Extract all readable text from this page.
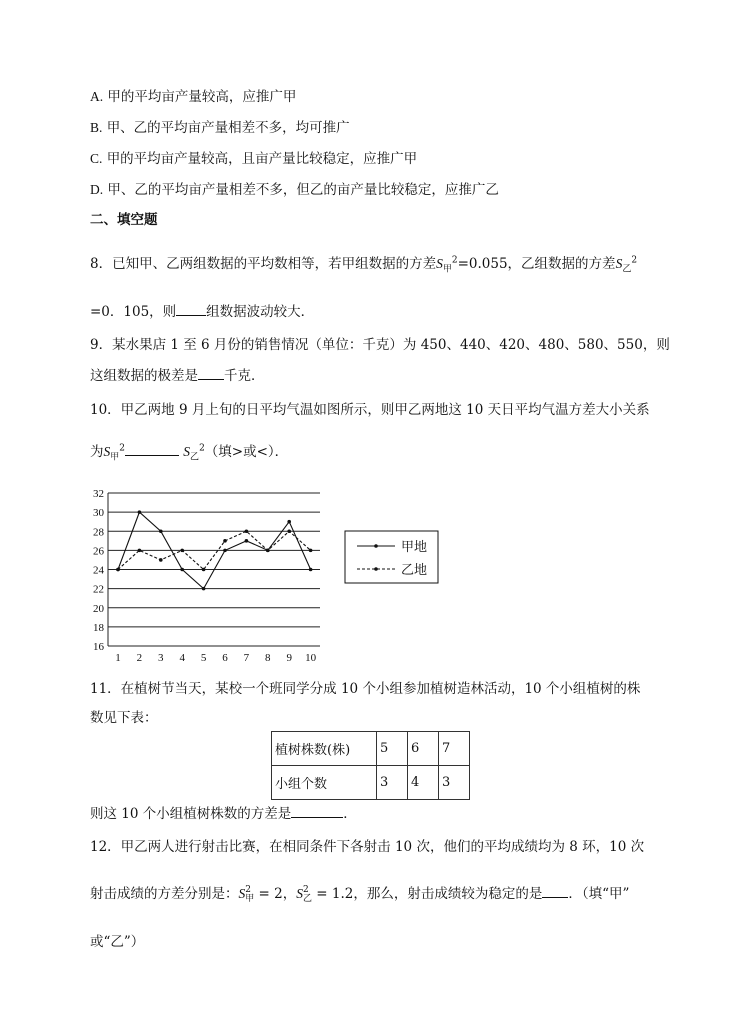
A. 甲的平均亩产量较高，应推广甲
B. 甲、乙的平均亩产量相差不多，均可推广
C. 甲的平均亩产量较高，且亩产量比较稳定，应推广甲
D. 甲、乙的平均亩产量相差不多，但乙的亩产量比较稳定，应推广乙
二、填空题
8．已知甲、乙两组数据的平均数相等，若甲组数据的方差$S_甲^2=0.055$，乙组数据的方差$S_乙^2$
=0．105，则 组数据波动较大．
9．某水果店 1 至 6 月份的销售情况（单位：千克）为 450、440、420、480、580、550，则
这组数据的极差是 千克．
10．甲乙两地 9 月上旬的日平均气温如图所示，则甲乙两地这 10 天日平均气温方差大小关系
为$S_甲^2$	$S_乙^2$（填>或<）．
16
18
20
22
24
26
28
30
32
1 2 3 4 5 6 7 8 9 10
甲地
乙地
11．在植树节当天，某校一个班同学分成 10 个小组参加植树造林活动，10 个小组植树的株
数见下表：
植树株数(株)	5	6	7
小组个数	3	4	3
则这 10 个小组植树株数的方差是	．
12．甲乙两人进行射击比赛，在相同条件下各射击 10 次，他们的平均成绩均为 8 环，10 次
射击成绩的方差分别是：S 2
甲 = 2，S 2
乙 = 1.2，那么，射击成绩较为稳定的是 ．（填“甲”
或“乙”）
